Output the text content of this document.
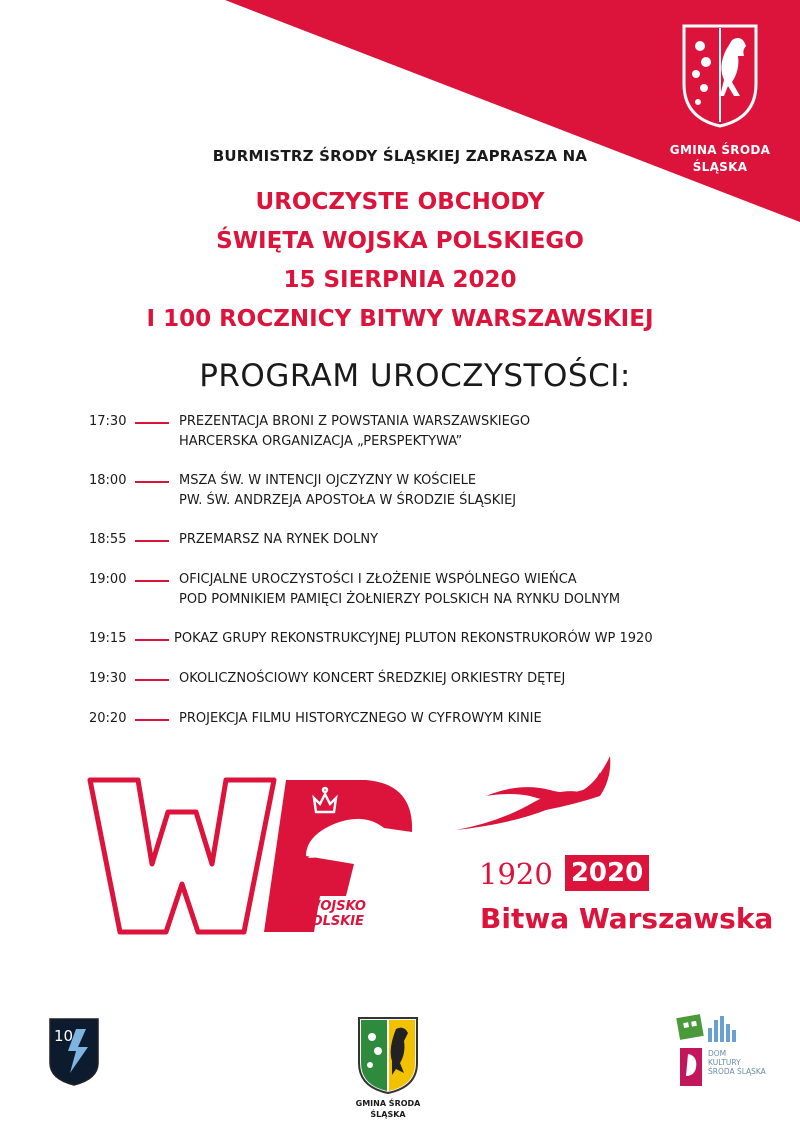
GMINA ŚRODA
ŚLĄSKA
BURMISTRZ ŚRODY ŚLĄSKIEJ ZAPRASZA NA
UROCZYSTE OBCHODY
ŚWIĘTA WOJSKA POLSKIEGO
15 SIERPNIA 2020
I 100 ROCZNICY BITWY WARSZAWSKIEJ
PROGRAM UROCZYSTOŚCI:
17:30	PREZENTACJA BRONI Z POWSTANIA WARSZAWSKIEGO
HARCERSKA ORGANIZACJA „PERSPEKTYWA”
18:00	MSZA ŚW. W INTENCJI OJCZYZNY W KOŚCIELE
PW. ŚW. ANDRZEJA APOSTOŁA W ŚRODZIE ŚLĄSKIEJ
18:55	PRZEMARSZ NA RYNEK DOLNY
19:00	OFICJALNE UROCZYSTOŚCI I ZŁOŻENIE WSPÓLNEGO WIEŃCA
POD POMNIKIEM PAMIĘCI ŻOŁNIERZY POLSKICH NA RYNKU DOLNYM
19:15	POKAZ GRUPY REKONSTRUKCYJNEJ PLUTON REKONSTRUKORÓW WP 1920
19:30	OKOLICZNOŚCIOWY KONCERT ŚREDZKIEJ ORKIESTRY DĘTEJ
20:20	PROJEKCJA FILMU HISTORYCZNEGO W CYFROWYM KINIE
WOJSKO
POLSKIE
1920 2020
Bitwa Warszawska
10
GMINA ŚRODA
ŚLĄSKA
DOM
KULTURY
ŚRODA ŚLĄSKA
